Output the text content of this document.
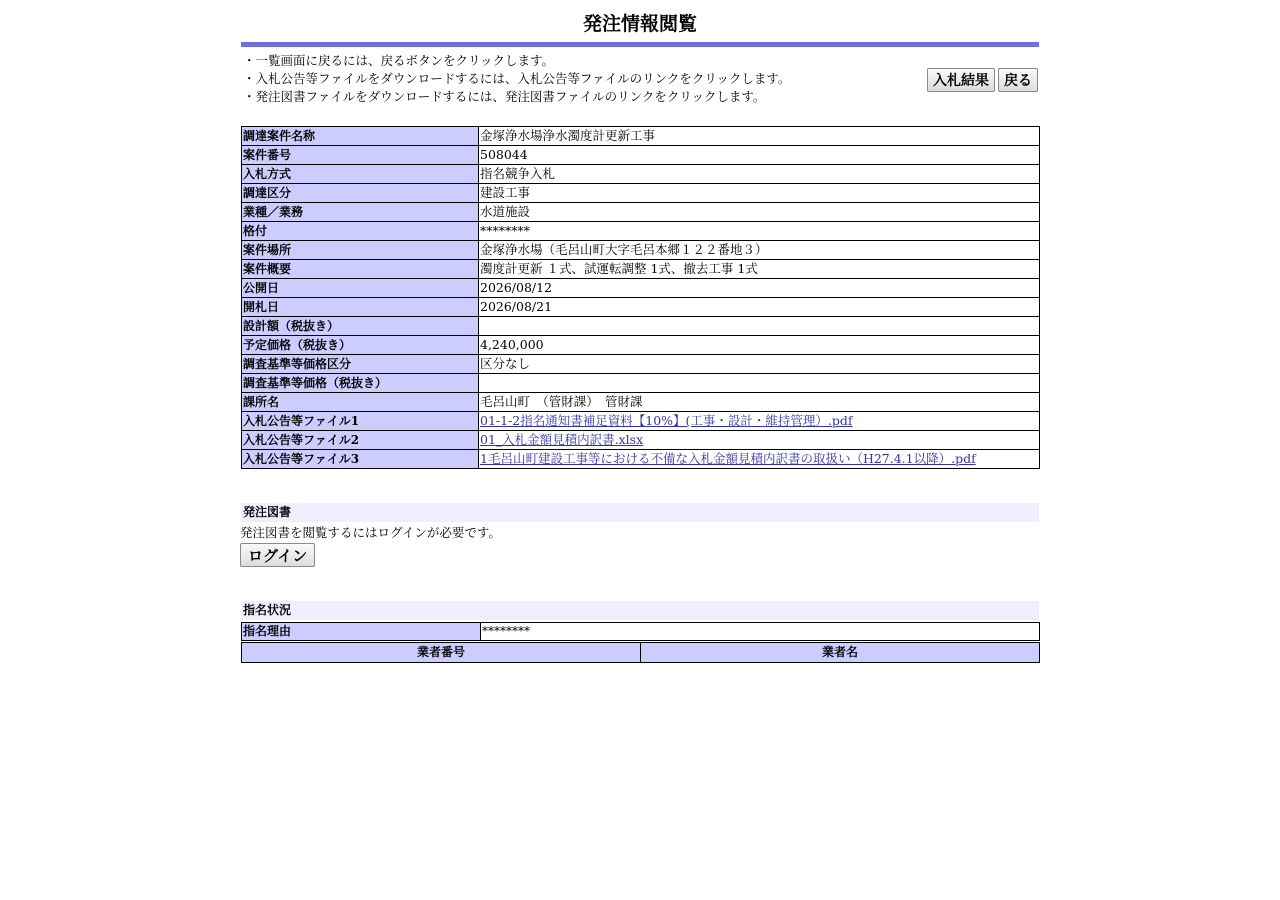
発注情報閲覧
・一覧画面に戻るには、戻るボタンをクリックします。
・入札公告等ファイルをダウンロードするには、入札公告等ファイルのリンクをクリックします。
・発注図書ファイルをダウンロードするには、発注図書ファイルのリンクをクリックします。
入札結果	戻る
調達案件名称	金塚浄水場浄水濁度計更新工事
案件番号	508044
入札方式	指名競争入札
調達区分	建設工事
業種／業務	水道施設
格付	********
案件場所	金塚浄水場（毛呂山町大字毛呂本郷１２２番地３）
案件概要	濁度計更新 １式、試運転調整 1式、撤去工事 1式
公開日	2026/08/12
開札日	2026/08/21
設計額（税抜き）	
予定価格（税抜き）	4,240,000
調査基準等価格区分	区分なし
調査基準等価格（税抜き）	
課所名	毛呂山町　（管財課）　管財課
入札公告等ファイル1	01-1-2指名通知書補足資料【10%】(工事・設計・維持管理）.pdf
入札公告等ファイル2	01_入札金額見積内訳書.xlsx
入札公告等ファイル3	1毛呂山町建設工事等における不備な入札金額見積内訳書の取扱い（H27.4.1以降）.pdf
発注図書
発注図書を閲覧するにはログインが必要です。
ログイン
指名状況
指名理由	********
業者番号	業者名
